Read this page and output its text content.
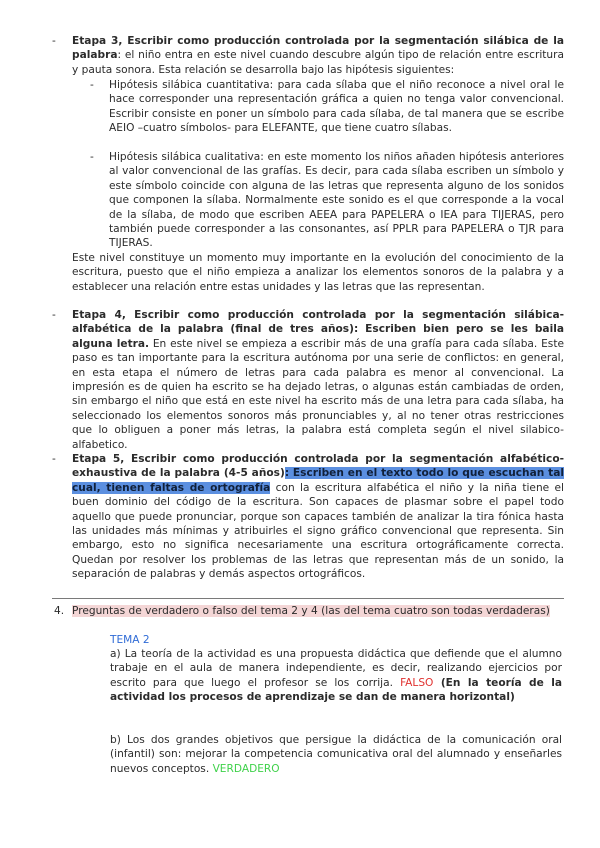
- Etapa 3, Escribir como producción controlada por la segmentación silábica de la palabra: el niño entra en este nivel cuando descubre algún tipo de relación entre escritura y pauta sonora. Esta relación se desarrolla bajo las hipótesis siguientes:

- Hipótesis silábica cuantitativa: para cada sílaba que el niño reconoce a nivel oral le hace corresponder una representación gráfica a quien no tenga valor convencional. Escribir consiste en poner un símbolo para cada sílaba, de tal manera que se escribe AEIO –cuatro símbolos- para ELEFANTE, que tiene cuatro sílabas.

- Hipótesis silábica cualitativa: en este momento los niños añaden hipótesis anteriores al valor convencional de las grafías. Es decir, para cada sílaba escriben un símbolo y este símbolo coincide con alguna de las letras que representa alguno de los sonidos que componen la sílaba. Normalmente este sonido es el que corresponde a la vocal de la sílaba, de modo que escriben AEEA para PAPELERA o IEA para TIJERAS, pero también puede corresponder a las consonantes, así PPLR para PAPELERA o TJR para TIJERAS.

Este nivel constituye un momento muy importante en la evolución del conocimiento de la escritura, puesto que el niño empieza a analizar los elementos sonoros de la palabra y a establecer una relación entre estas unidades y las letras que las representan.

- Etapa 4, Escribir como producción controlada por la segmentación silábica-alfabética de la palabra (final de tres años): Escriben bien pero se les baila alguna letra. En este nivel se empieza a escribir más de una grafía para cada sílaba. Este paso es tan importante para la escritura autónoma por una serie de conflictos: en general, en esta etapa el número de letras para cada palabra es menor al convencional. La impresión es de quien ha escrito se ha dejado letras, o algunas están cambiadas de orden, sin embargo el niño que está en este nivel ha escrito más de una letra para cada sílaba, ha seleccionado los elementos sonoros más pronunciables y, al no tener otras restricciones que lo obliguen a poner más letras, la palabra está completa según el nivel silabico-alfabetico.

- Etapa 5, Escribir como producción controlada por la segmentación alfabético-exhaustiva de la palabra (4-5 años): Escriben en el texto todo lo que escuchan tal cual, tienen faltas de ortografía con la escritura alfabética el niño y la niña tiene el buen dominio del código de la escritura. Son capaces de plasmar sobre el papel todo aquello que puede pronunciar, porque son capaces también de analizar la tira fónica hasta las unidades más mínimas y atribuirles el signo gráfico convencional que representa. Sin embargo, esto no significa necesariamente una escritura ortográficamente correcta. Quedan por resolver los problemas de las letras que representan más de un sonido, la separación de palabras y demás aspectos ortográficos.

4. Preguntas de verdadero o falso del tema 2 y 4 (las del tema cuatro son todas verdaderas)

TEMA 2

a) La teoría de la actividad es una propuesta didáctica que defiende que el alumno trabaje en el aula de manera independiente, es decir, realizando ejercicios por escrito para que luego el profesor se los corrija. FALSO (En la teoría de la actividad los procesos de aprendizaje se dan de manera horizontal)

b) Los dos grandes objetivos que persigue la didáctica de la comunicación oral (infantil) son: mejorar la competencia comunicativa oral del alumnado y enseñarles nuevos conceptos. VERDADERO
